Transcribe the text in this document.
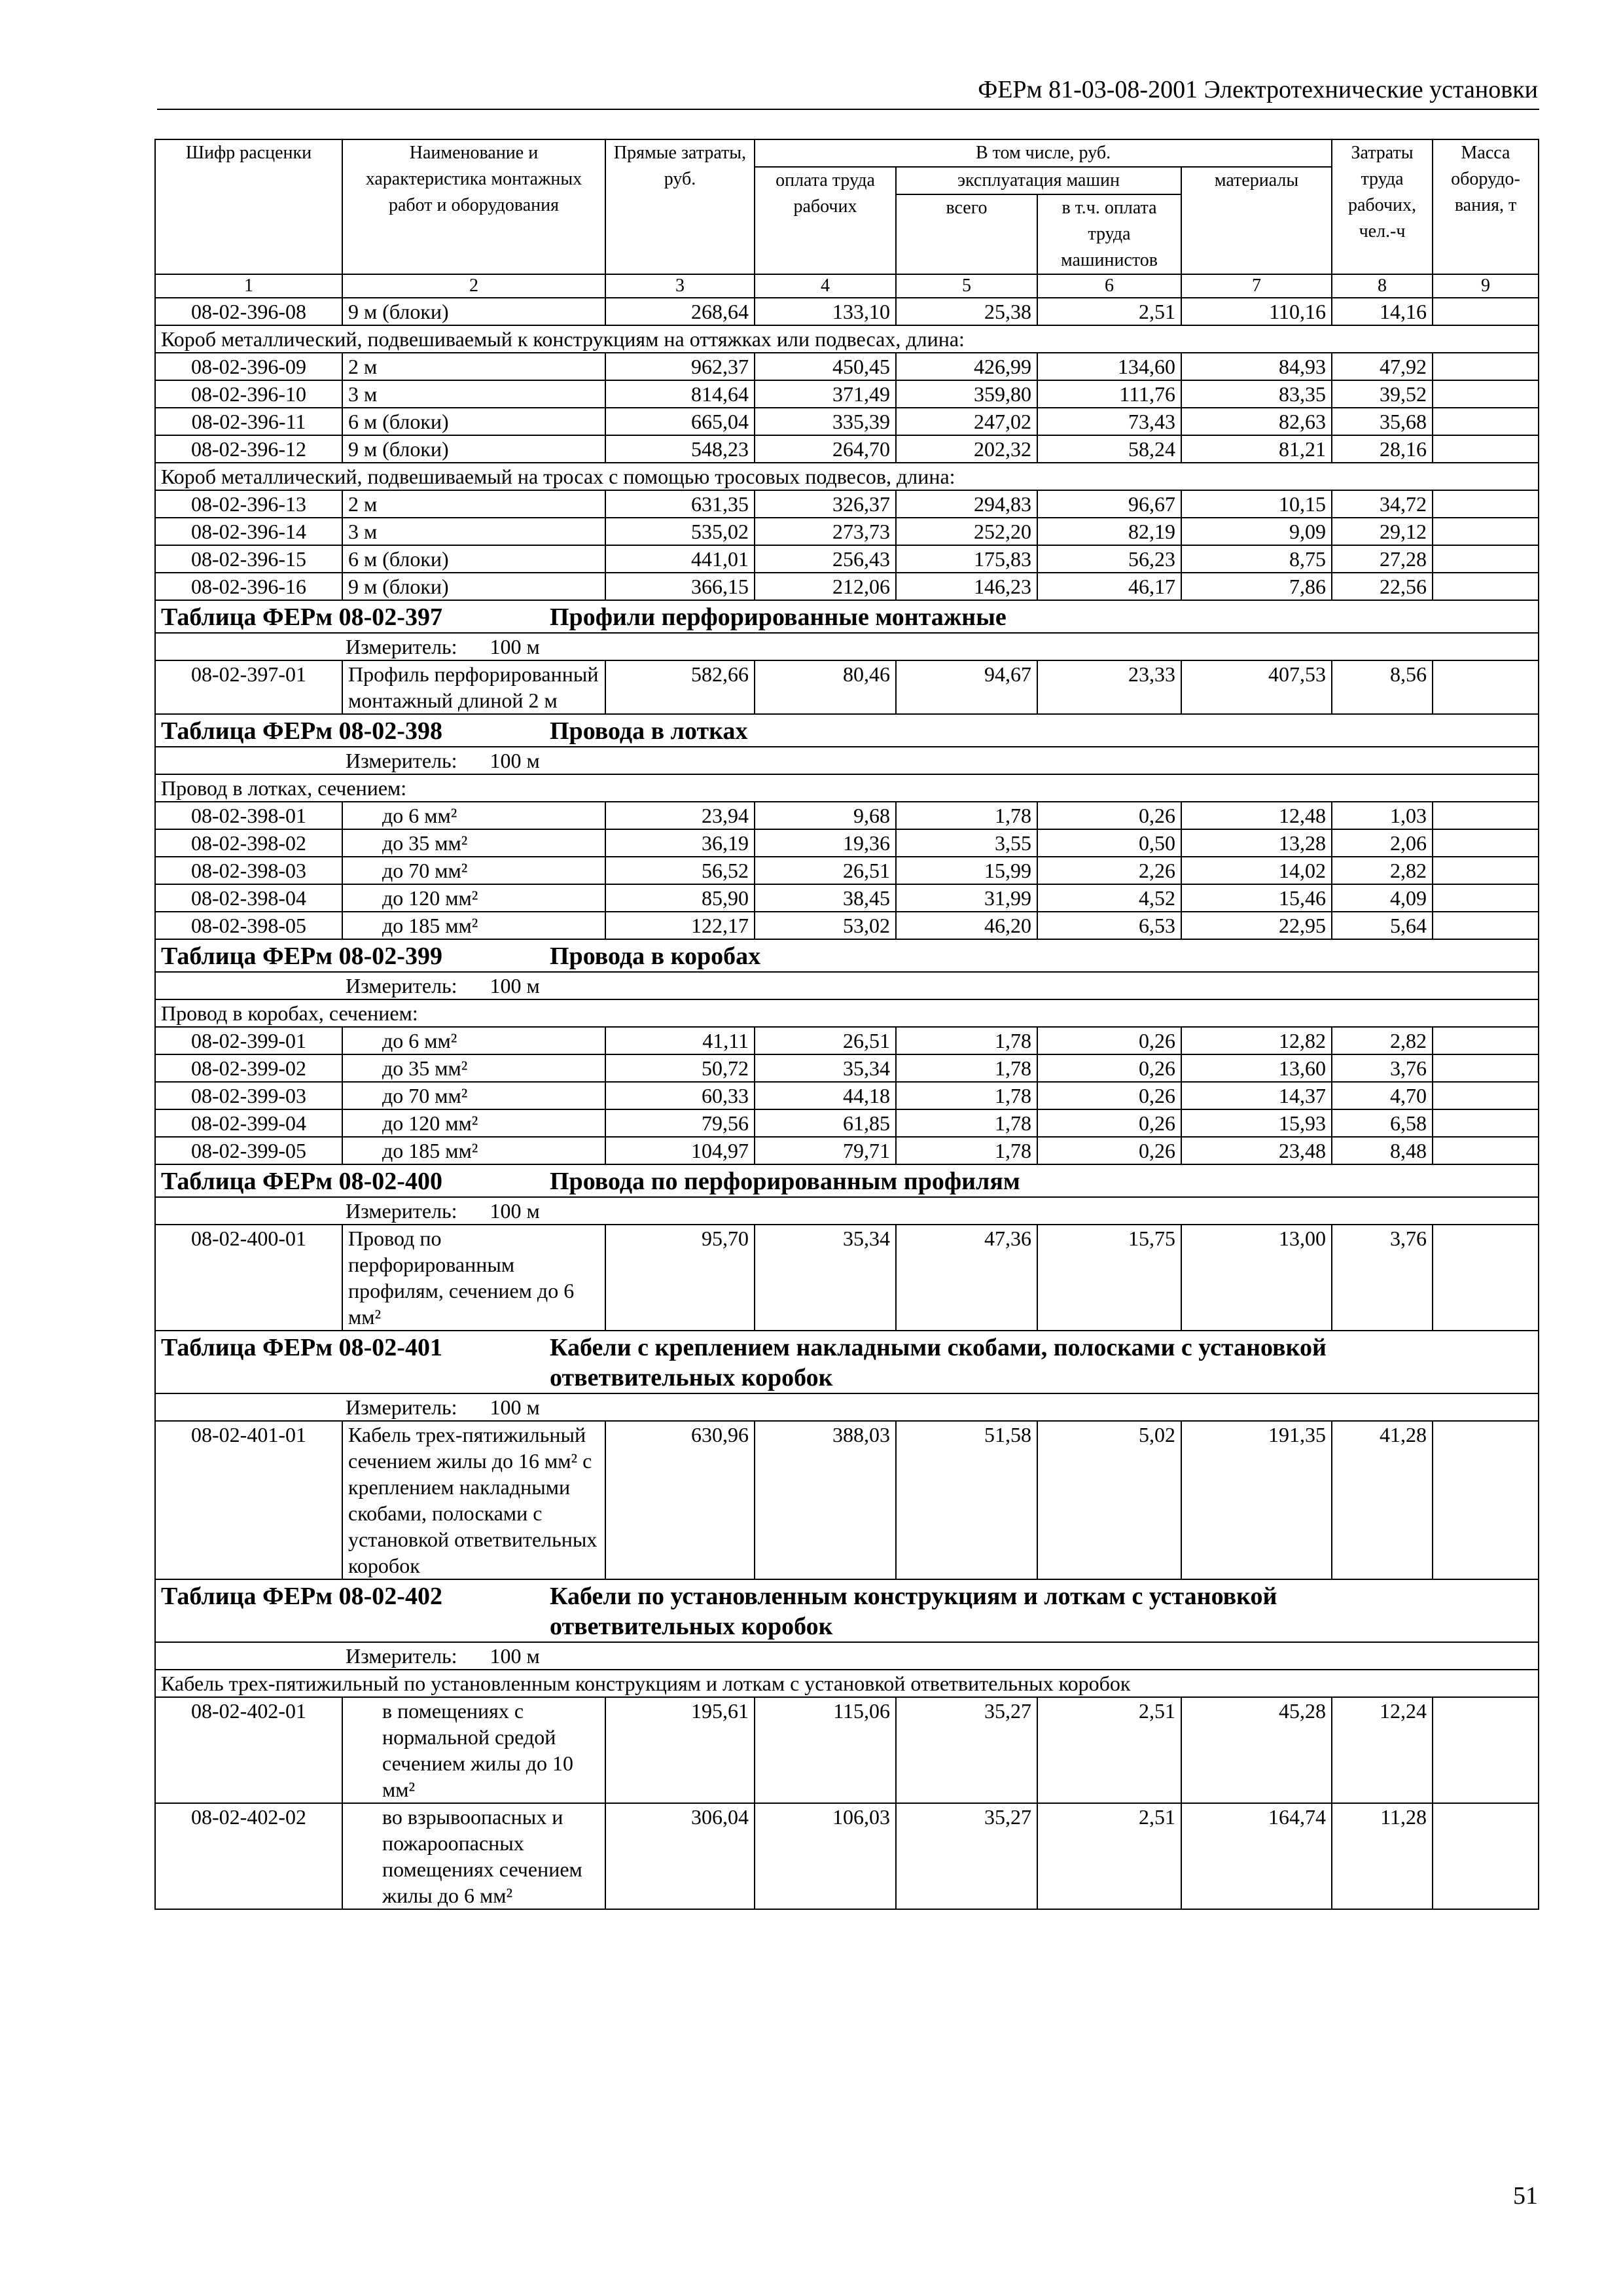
ФЕРм 81-03-08-2001 Электротехнические установки
Шифр расценки	Наименование и характеристика монтажных работ и оборудования	Прямые затраты, руб.	В том числе, руб.				Затраты труда рабочих, чел.-ч	Масса оборудо-вания, т
			оплата труда рабочих	эксплуатация машин		материалы		
				всего	в т.ч. оплата труда машинистов			
1	2	3	4	5	6	7	8	9
08-02-396-08	9 м (блоки)	268,64	133,10	25,38	2,51	110,16	14,16	
Короб металлический, подвешиваемый к конструкциям на оттяжках или подвесах, длина:								
08-02-396-09	2 м	962,37	450,45	426,99	134,60	84,93	47,92	
08-02-396-10	3 м	814,64	371,49	359,80	111,76	83,35	39,52	
08-02-396-11	6 м (блоки)	665,04	335,39	247,02	73,43	82,63	35,68	
08-02-396-12	9 м (блоки)	548,23	264,70	202,32	58,24	81,21	28,16	
Короб металлический, подвешиваемый на тросах с помощью тросовых подвесов, длина:								
08-02-396-13	2 м	631,35	326,37	294,83	96,67	10,15	34,72	
08-02-396-14	3 м	535,02	273,73	252,20	82,19	9,09	29,12	
08-02-396-15	6 м (блоки)	441,01	256,43	175,83	56,23	8,75	27,28	
08-02-396-16	9 м (блоки)	366,15	212,06	146,23	46,17	7,86	22,56	
Таблица ФЕРм 08-02-397 Профили перфорированные монтажные								
Измеритель: 100 м								
08-02-397-01	Профиль перфорированный монтажный длиной 2 м	582,66	80,46	94,67	23,33	407,53	8,56	
Таблица ФЕРм 08-02-398 Провода в лотках								
Измеритель: 100 м								
Провод в лотках, сечением:								
08-02-398-01	до 6 мм²	23,94	9,68	1,78	0,26	12,48	1,03	
08-02-398-02	до 35 мм²	36,19	19,36	3,55	0,50	13,28	2,06	
08-02-398-03	до 70 мм²	56,52	26,51	15,99	2,26	14,02	2,82	
08-02-398-04	до 120 мм²	85,90	38,45	31,99	4,52	15,46	4,09	
08-02-398-05	до 185 мм²	122,17	53,02	46,20	6,53	22,95	5,64	
Таблица ФЕРм 08-02-399 Провода в коробах								
Измеритель: 100 м								
Провод в коробах, сечением:								
08-02-399-01	до 6 мм²	41,11	26,51	1,78	0,26	12,82	2,82	
08-02-399-02	до 35 мм²	50,72	35,34	1,78	0,26	13,60	3,76	
08-02-399-03	до 70 мм²	60,33	44,18	1,78	0,26	14,37	4,70	
08-02-399-04	до 120 мм²	79,56	61,85	1,78	0,26	15,93	6,58	
08-02-399-05	до 185 мм²	104,97	79,71	1,78	0,26	23,48	8,48	
Таблица ФЕРм 08-02-400 Провода по перфорированным профилям								
Измеритель: 100 м								
08-02-400-01	Провод по перфорированным профилям, сечением до 6 мм²	95,70	35,34	47,36	15,75	13,00	3,76	
Таблица ФЕРм 08-02-401 Кабели с креплением накладными скобами, полосками с установкой ответвительных коробок								
Измеритель: 100 м								
08-02-401-01	Кабель трех-пятижильный сечением жилы до 16 мм² с креплением накладными скобами, полосками с установкой ответвительных коробок	630,96	388,03	51,58	5,02	191,35	41,28	
Таблица ФЕРм 08-02-402 Кабели по установленным конструкциям и лоткам с установкой ответвительных коробок								
Измеритель: 100 м								
Кабель трех-пятижильный по установленным конструкциям и лоткам с установкой ответвительных коробок								
08-02-402-01	в помещениях с нормальной средой сечением жилы до 10 мм²	195,61	115,06	35,27	2,51	45,28	12,24	
08-02-402-02	во взрывоопасных и пожароопасных помещениях сечением жилы до 6 мм²	306,04	106,03	35,27	2,51	164,74	11,28	
51
